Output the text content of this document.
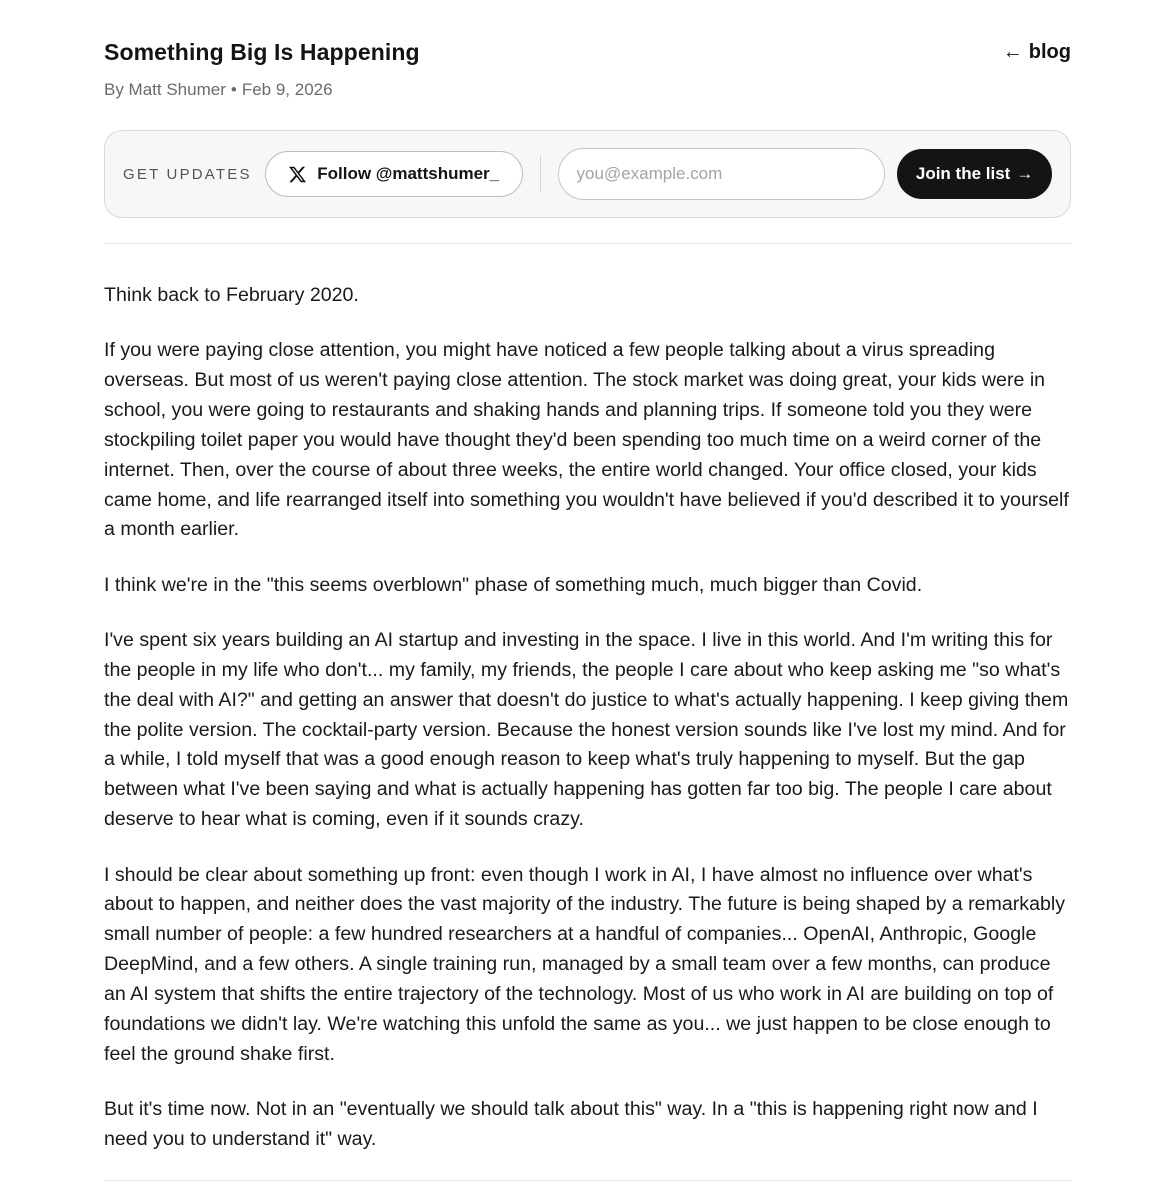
Something Big Is Happening	← blog
By Matt Shumer • Feb 9, 2026
GET UPDATES	Follow @mattshumer_
you@example.com	Join the list →

Think back to February 2020.

If you were paying close attention, you might have noticed a few people talking about a virus spreading overseas. But most of us weren't paying close attention. The stock market was doing great, your kids were in school, you were going to restaurants and shaking hands and planning trips. If someone told you they were stockpiling toilet paper you would have thought they'd been spending too much time on a weird corner of the internet. Then, over the course of about three weeks, the entire world changed. Your office closed, your kids came home, and life rearranged itself into something you wouldn't have believed if you'd described it to yourself a month earlier.

I think we're in the "this seems overblown" phase of something much, much bigger than Covid.

I've spent six years building an AI startup and investing in the space. I live in this world. And I'm writing this for the people in my life who don't... my family, my friends, the people I care about who keep asking me "so what's the deal with AI?" and getting an answer that doesn't do justice to what's actually happening. I keep giving them the polite version. The cocktail-party version. Because the honest version sounds like I've lost my mind. And for a while, I told myself that was a good enough reason to keep what's truly happening to myself. But the gap between what I've been saying and what is actually happening has gotten far too big. The people I care about deserve to hear what is coming, even if it sounds crazy.

I should be clear about something up front: even though I work in AI, I have almost no influence over what's about to happen, and neither does the vast majority of the industry. The future is being shaped by a remarkably small number of people: a few hundred researchers at a handful of companies... OpenAI, Anthropic, Google DeepMind, and a few others. A single training run, managed by a small team over a few months, can produce an AI system that shifts the entire trajectory of the technology. Most of us who work in AI are building on top of foundations we didn't lay. We're watching this unfold the same as you... we just happen to be close enough to feel the ground shake first.

But it's time now. Not in an "eventually we should talk about this" way. In a "this is happening right now and I need you to understand it" way.
